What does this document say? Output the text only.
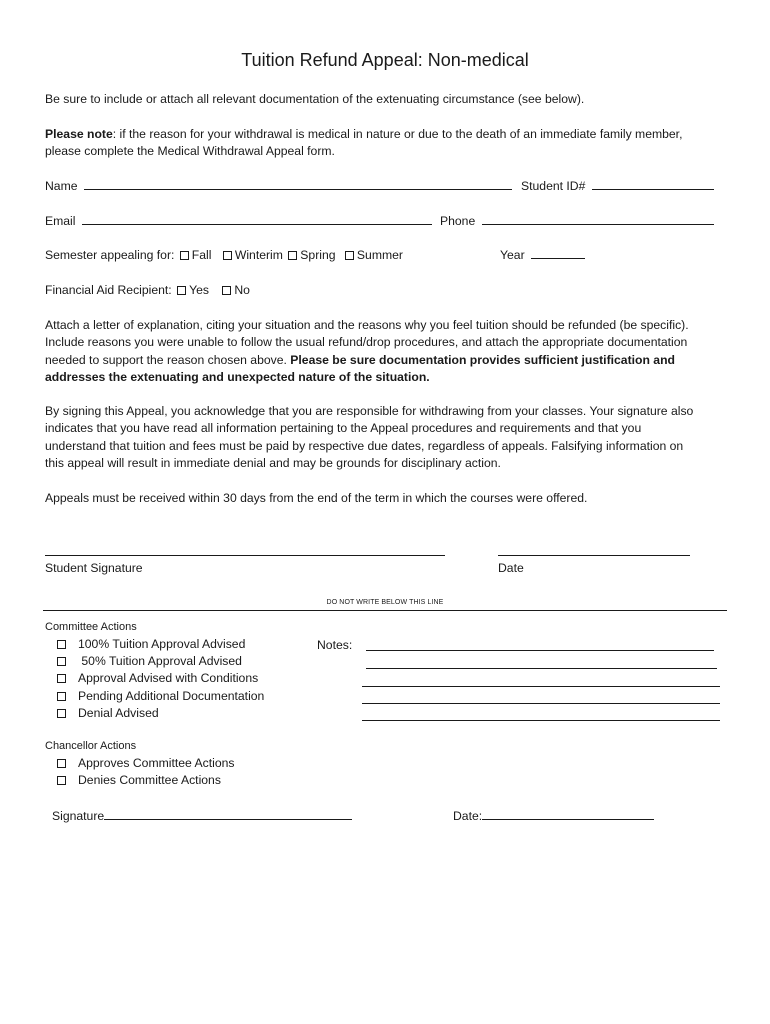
Tuition Refund Appeal: Non-medical
Be sure to include or attach all relevant documentation of the extenuating circumstance (see below).
Please note: if the reason for your withdrawal is medical in nature or due to the death of an immediate family member, please complete the Medical Withdrawal Appeal form.
Name	Student ID#
Email	Phone
Semester appealing for: Fall Winterim Spring Summer	Year
Financial Aid Recipient: Yes No
Attach a letter of explanation, citing your situation and the reasons why you feel tuition should be refunded (be specific). Include reasons you were unable to follow the usual refund/drop procedures, and attach the appropriate documentation needed to support the reason chosen above. Please be sure documentation provides sufficient justification and addresses the extenuating and unexpected nature of the situation.
By signing this Appeal, you acknowledge that you are responsible for withdrawing from your classes. Your signature also indicates that you have read all information pertaining to the Appeal procedures and requirements and that you understand that tuition and fees must be paid by respective due dates, regardless of appeals. Falsifying information on this appeal will result in immediate denial and may be grounds for disciplinary action.
Appeals must be received within 30 days from the end of the term in which the courses were offered.
Student Signature	Date
DO NOT WRITE BELOW THIS LINE
Committee Actions
100% Tuition Approval Advised
50% Tuition Approval Advised
Approval Advised with Conditions
Pending Additional Documentation
Denial Advised
Notes:
Chancellor Actions
Approves Committee Actions
Denies Committee Actions
Signature	Date:
